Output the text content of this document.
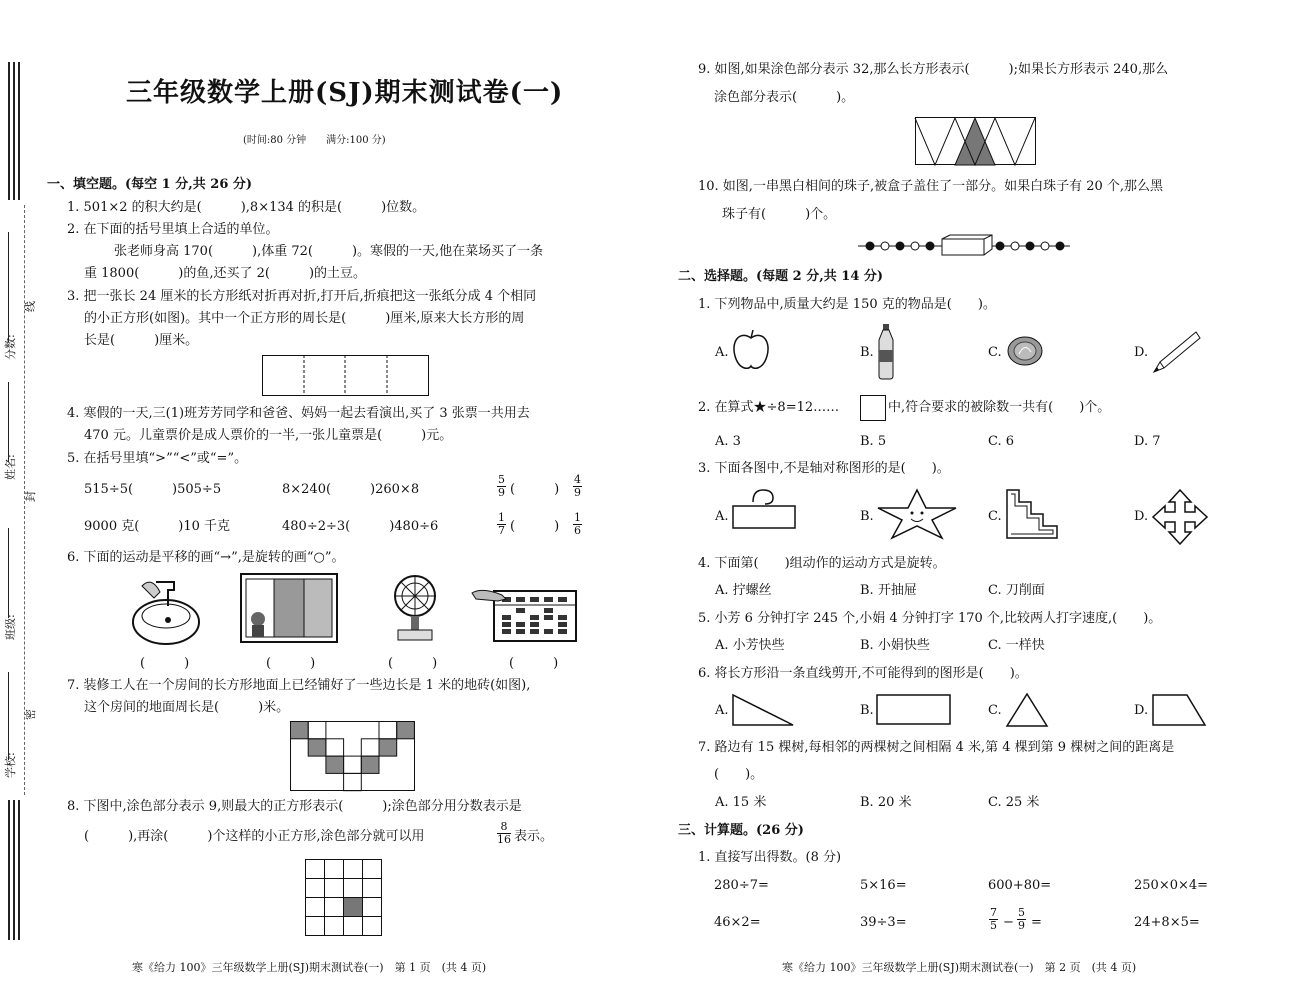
分数:
线
姓名:
封
班级:
密
学校:
三年级数学上册(SJ)期末测试卷(一)
(时间:80 分钟　　满分:100 分)
一、填空题。(每空 1 分,共 26 分)
1. 501×2 的积大约是(　　　),8×134 的积是(　　　)位数。
2. 在下面的括号里填上合适的单位。
张老师身高 170(　　　),体重 72(　　　)。寒假的一天,他在菜场买了一条
重 1800(　　　)的鱼,还买了 2(　　　)的土豆。
3. 把一张长 24 厘米的长方形纸对折再对折,打开后,折痕把这一张纸分成 4 个相同
的小正方形(如图)。其中一个正方形的周长是(　　　)厘米,原来大长方形的周
长是(　　　)厘米。
4. 寒假的一天,三(1)班芳芳同学和爸爸、妈妈一起去看演出,买了 3 张票一共用去
470 元。儿童票价是成人票价的一半,一张儿童票是(　　　)元。
5. 在括号里填“>”“<”或“=”。
515÷5(　　　)505÷5	8×240(　　　)260×8	$\frac{5}{9}$ (　　　) $\frac{4}{9}$
9000 克(　　　)10 千克	480÷2÷3(　　　)480÷6	$\frac{1}{7}$ (　　　) $\frac{1}{6}$
6. 下面的运动是平移的画“→”,是旋转的画“○”。
(　　　)	(　　　)	(　　　)	(　　　)
7. 装修工人在一个房间的长方形地面上已经铺好了一些边长是 1 米的地砖(如图),
这个房间的地面周长是(　　　)米。
8. 下图中,涂色部分表示 9,则最大的正方形表示(　　　);涂色部分用分数表示是
(　　　),再涂(　　　)个这样的小正方形,涂色部分就可以用	$\frac{8}{16}$ 表示。
寒《给力 100》三年级数学上册(SJ)期末测试卷(一)　第 1 页　(共 4 页)
9. 如图,如果涂色部分表示 32,那么长方形表示(　　　);如果长方形表示 240,那么
涂色部分表示(　　　)。
10. 如图,一串黑白相间的珠子,被盒子盖住了一部分。如果白珠子有 20 个,那么黑
珠子有(　　　)个。
二、选择题。(每题 2 分,共 14 分)
1. 下列物品中,质量大约是 150 克的物品是(　　)。
A.	B.	C.	D.
2. 在算式★÷8=12……	中,符合要求的被除数一共有(　　)个。
A. 3	B. 5	C. 6	D. 7
3. 下面各图中,不是轴对称图形的是(　　)。
A.	B.	C.	D.
4. 下面第(　　)组动作的运动方式是旋转。
A. 拧螺丝	B. 开抽屉	C. 刀削面
5. 小芳 6 分钟打字 245 个,小娟 4 分钟打字 170 个,比较两人打字速度,(　　)。
A. 小芳快些	B. 小娟快些	C. 一样快
6. 将长方形沿一条直线剪开,不可能得到的图形是(　　)。
A.	B.	C.	D.
7. 路边有 15 棵树,每相邻的两棵树之间相隔 4 米,第 4 棵到第 9 棵树之间的距离是
(　　)。
A. 15 米	B. 20 米	C. 25 米
三、计算题。(26 分)
1. 直接写出得数。(8 分)
280÷7=	5×16=	600+80=	250×0×4=
46×2=	39÷3=	$\frac{7}{5} - \frac{5}{9}$ =	24+8×5=
寒《给力 100》三年级数学上册(SJ)期末测试卷(一)　第 2 页　(共 4 页)
